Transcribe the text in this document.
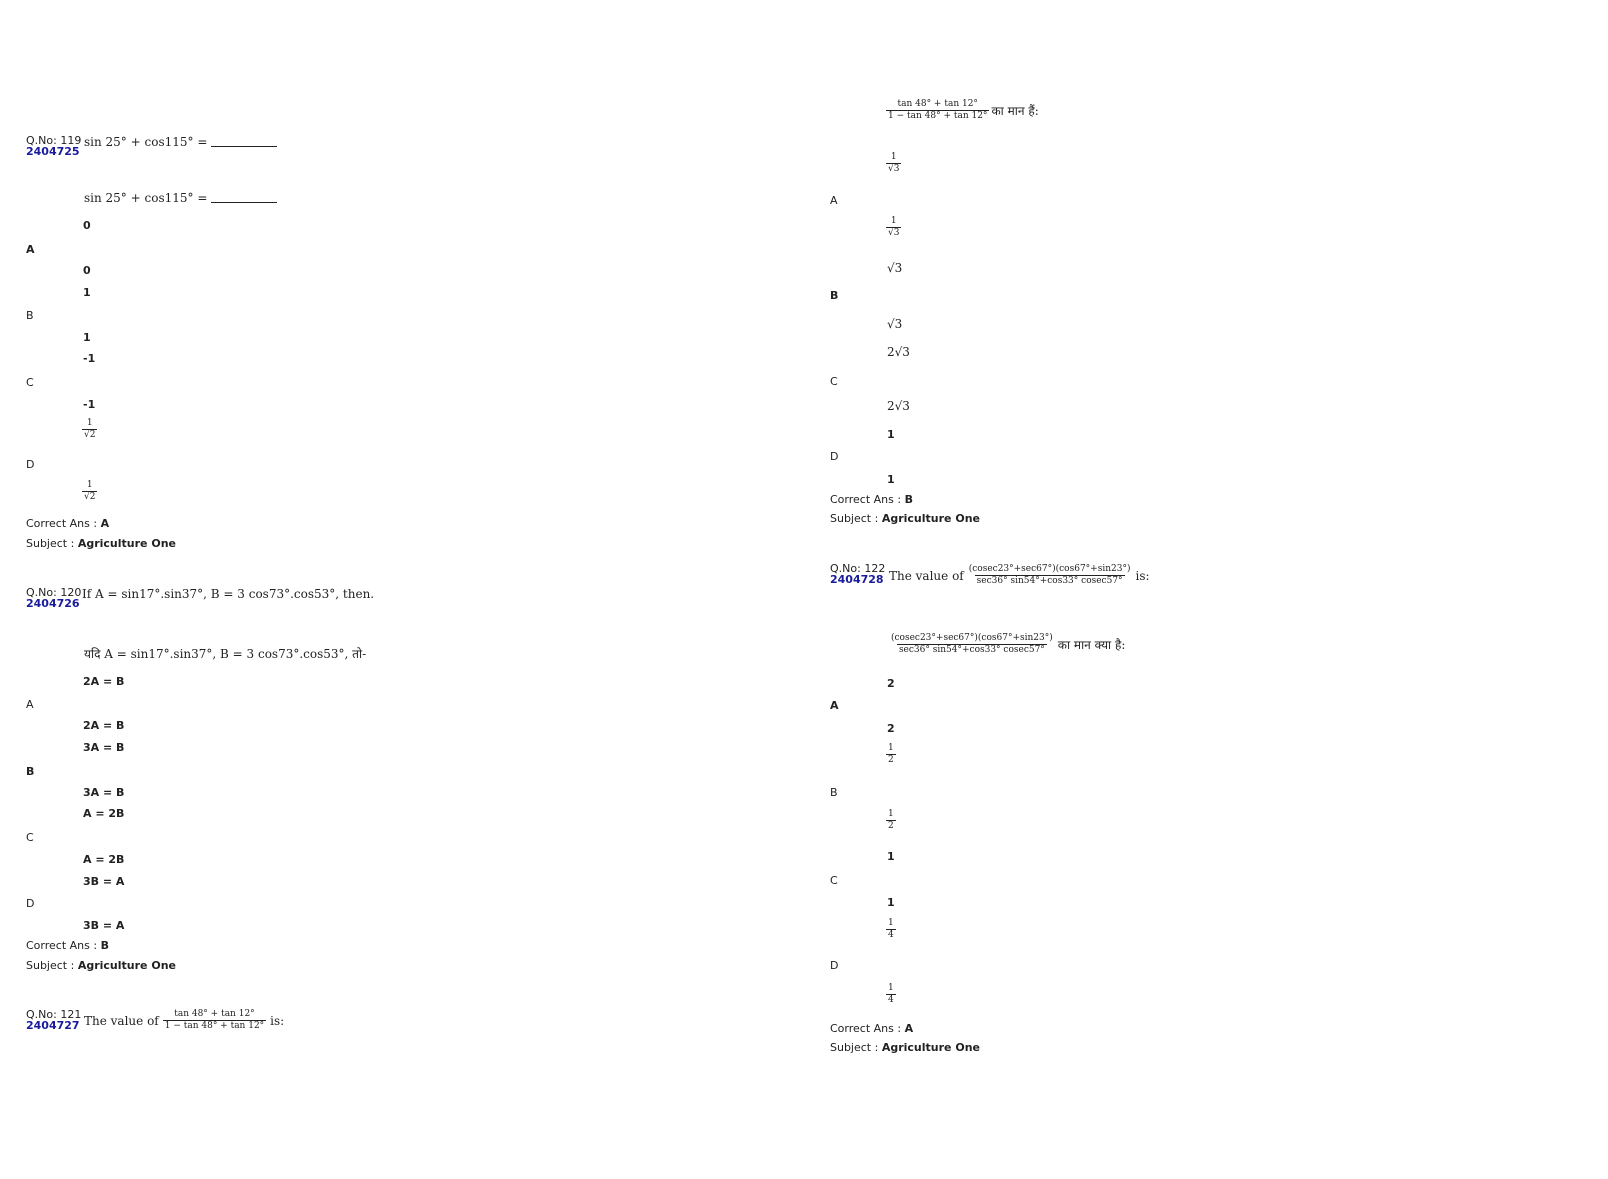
Q.No: 119
2404725
sin 25° + cos115° =
sin 25° + cos115° =
0
A
0
1
B
1
-1
C
-1
$\frac{1}{√2}$
D
$\frac{1}{√2}$
Correct Ans : A
Subject : Agriculture One
Q.No: 120
2404726
If A = sin17°.sin37°, B = 3 cos73°.cos53°, then.
यदि A = sin17°.sin37°, B = 3 cos73°.cos53°, तो-
2A = B
A
2A = B
3A = B
B
3A = B
A = 2B
C
A = 2B
3B = A
D
3B = A
Correct Ans : B
Subject : Agriculture One
Q.No: 121
2404727 The value of $\frac{\tan 48^\circ + \tan 12^\circ}{1 - \tan 48^\circ + \tan 12^\circ}$ is:
$\frac{\tan 48^\circ + \tan 12^\circ}{1 - \tan 48^\circ + \tan 12^\circ}$ का मान हैं:
$\frac{1}{√3}$
A
$\frac{1}{√3}$
√3
B
√3
2√3
C
2√3
1
D
1
Correct Ans : B
Subject : Agriculture One
Q.No: 122
2404728 The value of $\frac{(cosec23^\circ+\sec 67^\circ)(\cos 67^\circ+\sin 23^\circ)}{\sec 36^\circ \sin 54^\circ+\cos 33^\circ cosec57^\circ}$ is:
$\frac{(cosec23^\circ+\sec 67^\circ)(\cos 67^\circ+\sin 23^\circ)}{\sec 36^\circ \sin 54^\circ+\cos 33^\circ cosec57^\circ}$ का मान क्या है:
2
A
2
$\frac{1}{2}$
B
$\frac{1}{2}$
1
C
1
$\frac{1}{4}$
D
$\frac{1}{4}$
Correct Ans : A
Subject : Agriculture One
